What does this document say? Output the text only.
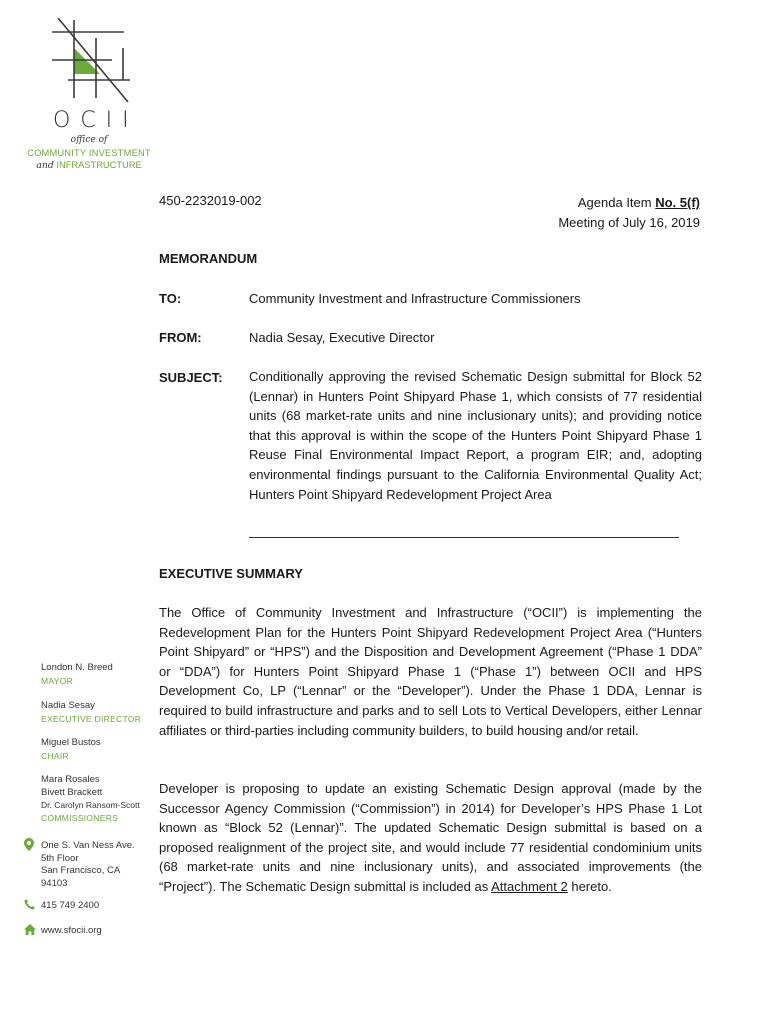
OCII
office of
COMMUNITY INVESTMENT
and INFRASTRUCTURE
450-2232019-002	Agenda Item No. 5(f)
Meeting of July 16, 2019
MEMORANDUM
TO:	Community Investment and Infrastructure Commissioners
FROM:	Nadia Sesay, Executive Director
SUBJECT: Conditionally approving the revised Schematic Design submittal for Block 52 (Lennar) in Hunters Point Shipyard Phase 1, which consists of 77 residential units (68 market-rate units and nine inclusionary units); and providing notice that this approval is within the scope of the Hunters Point Shipyard Phase 1 Reuse Final Environmental Impact Report, a program EIR; and, adopting environmental findings pursuant to the California Environmental Quality Act; Hunters Point Shipyard Redevelopment Project Area
EXECUTIVE SUMMARY
The Office of Community Investment and Infrastructure (“OCII”) is implementing the Redevelopment Plan for the Hunters Point Shipyard Redevelopment Project Area (“Hunters Point Shipyard” or “HPS”) and the Disposition and Development Agreement (“Phase 1 DDA” or “DDA”) for Hunters Point Shipyard Phase 1 (“Phase 1”) between OCII and HPS Development Co, LP (“Lennar” or the “Developer”). Under the Phase 1 DDA, Lennar is required to build infrastructure and parks and to sell Lots to Vertical Developers, either Lennar affiliates or third-parties including community builders, to build housing and/or retail.
Developer is proposing to update an existing Schematic Design approval (made by the Successor Agency Commission (“Commission”) in 2014) for Developer’s HPS Phase 1 Lot known as “Block 52 (Lennar)”. The updated Schematic Design submittal is based on a proposed realignment of the project site, and would include 77 residential condominium units (68 market-rate units and nine inclusionary units), and associated improvements (the “Project”). The Schematic Design submittal is included as Attachment 2 hereto.
London N. Breed
MAYOR
Nadia Sesay
EXECUTIVE DIRECTOR
Miguel Bustos
CHAIR
Mara Rosales
Bivett Brackett
Dr. Carolyn Ransom-Scott
COMMISSIONERS
One S. Van Ness Ave.
5th Floor
San Francisco, CA
94103
415 749 2400
www.sfocii.org
